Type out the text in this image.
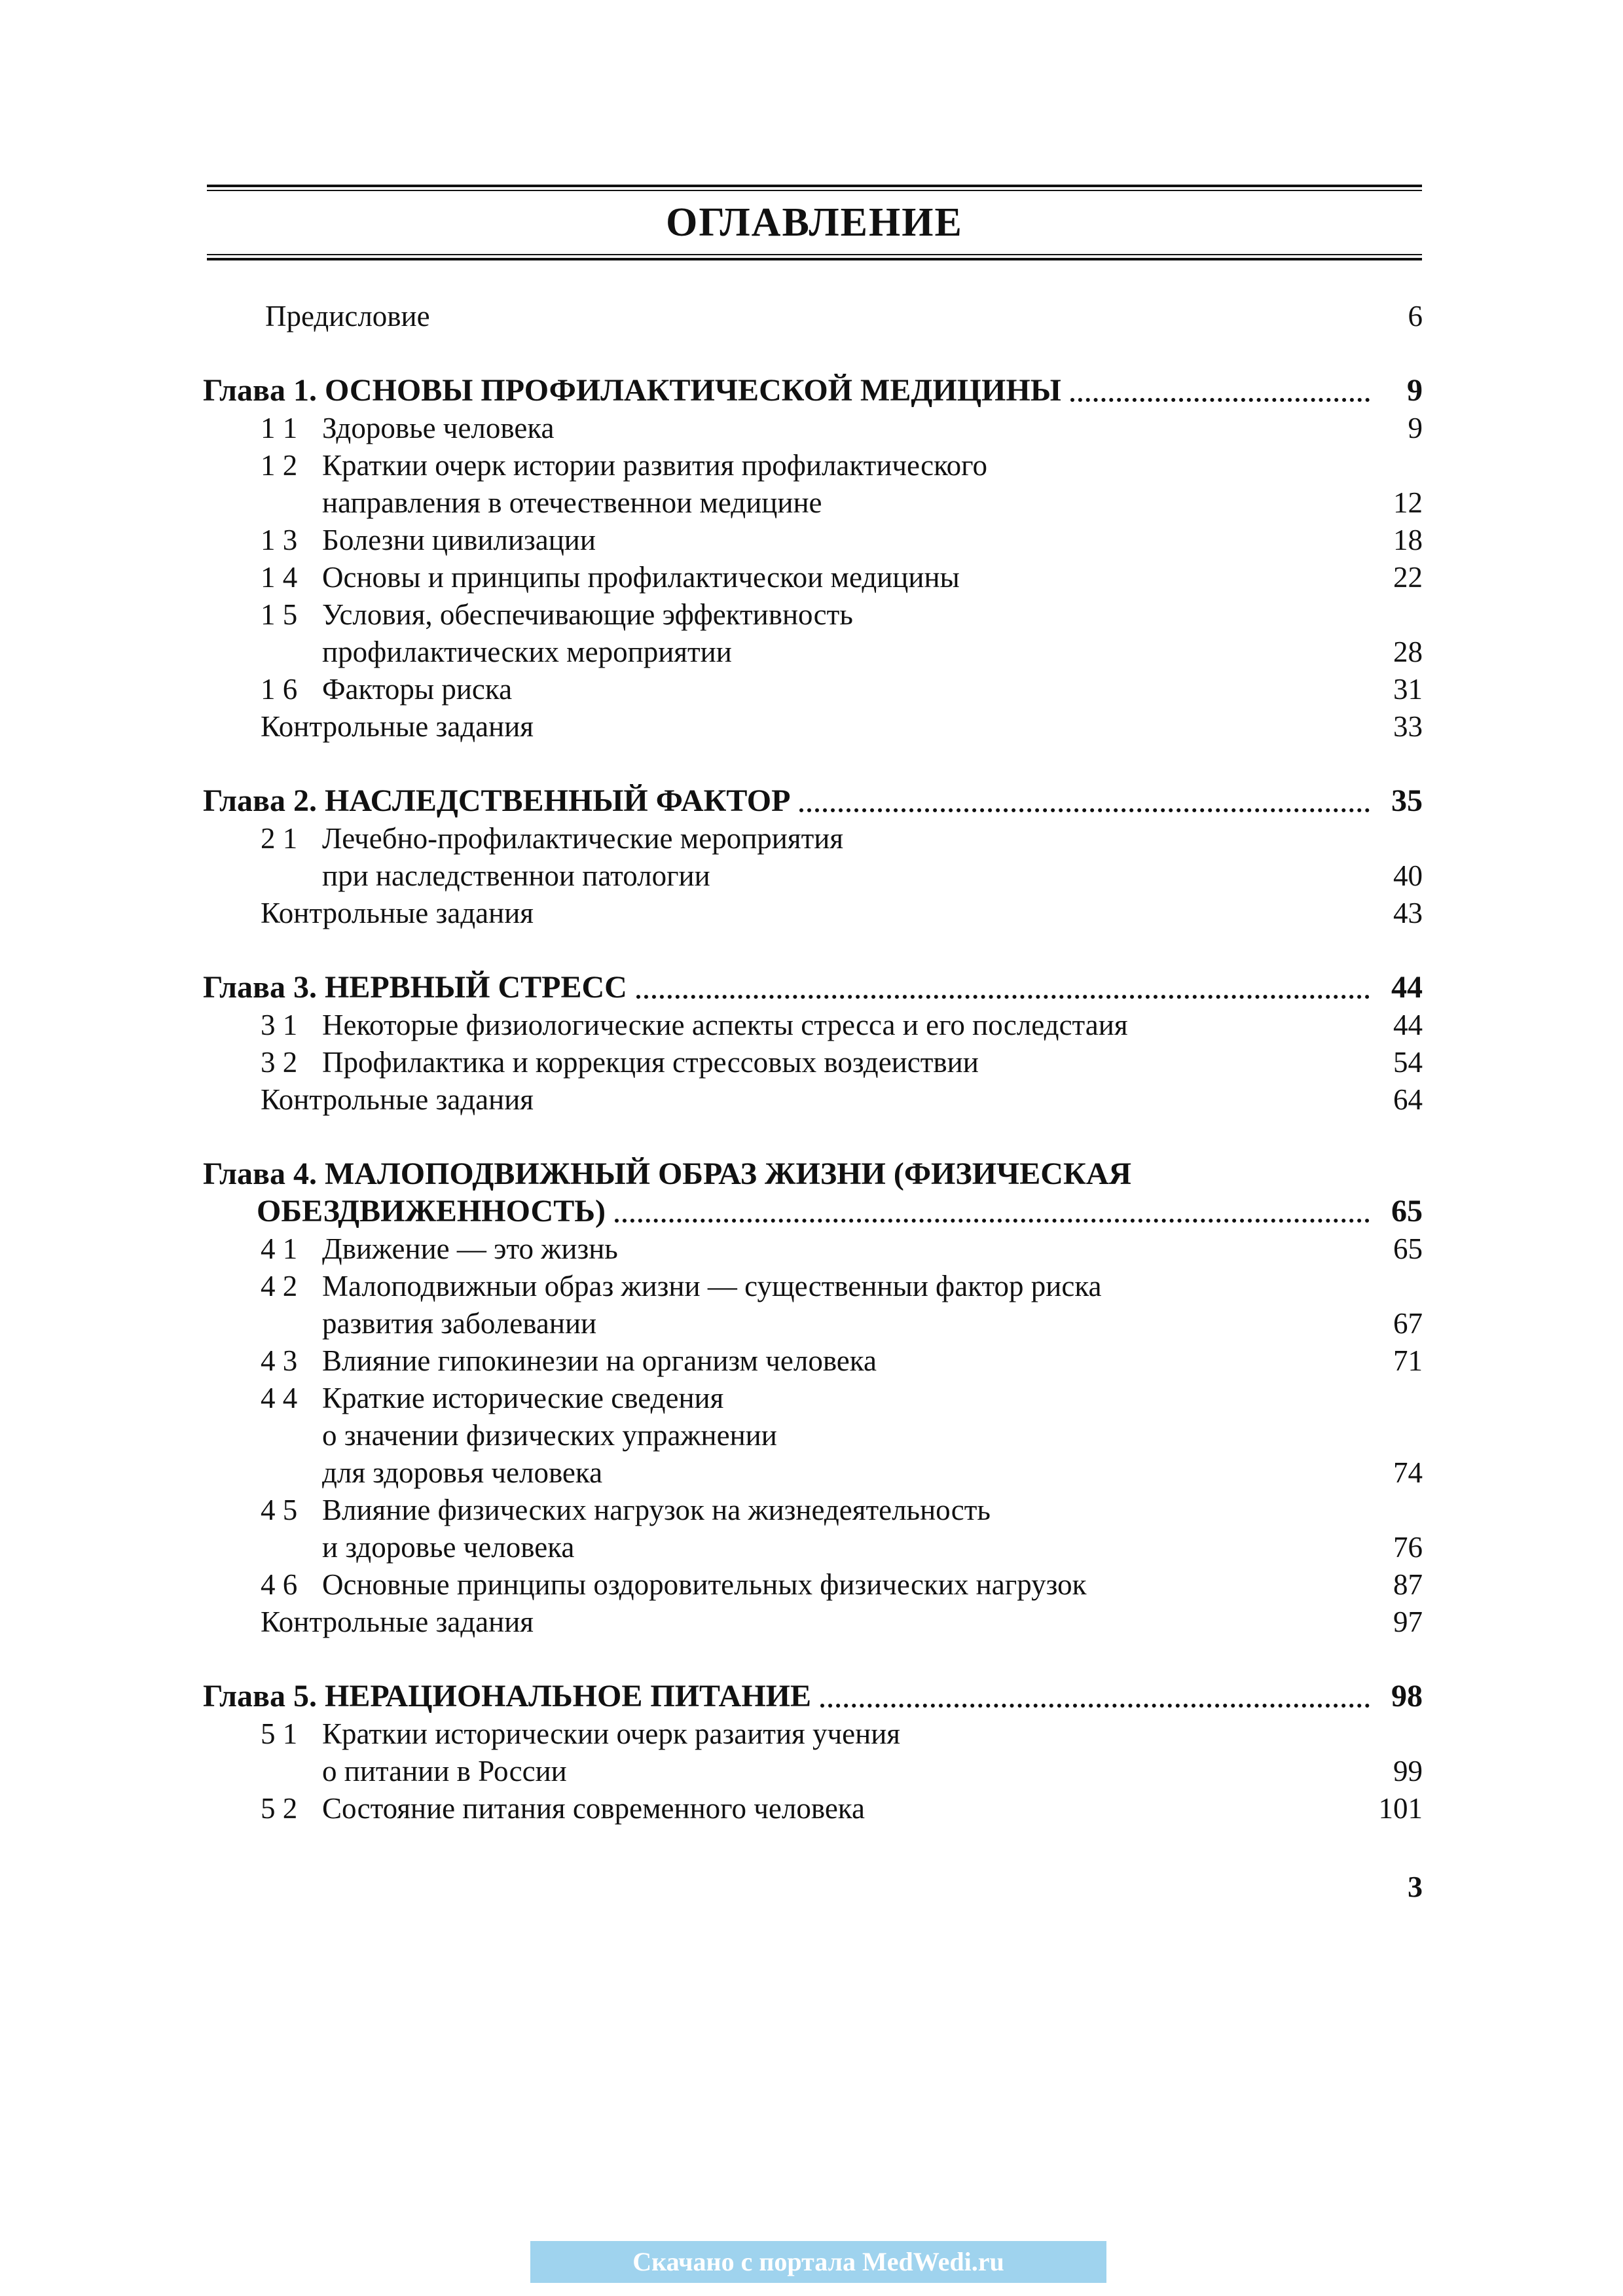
ОГЛАВЛЕНИЕ
Предисловие	6
Глава 1. ОСНОВЫ ПРОФИЛАКТИЧЕСКОЙ МЕДИЦИНЫ	9
1 1 Здоровье человека	9
1 2 Краткии очерк истории развития профилактического
направления в отечественнои медицине	12
1 3 Болезни цивилизации	18
1 4 Основы и принципы профилактическои медицины	22
1 5 Условия, обеспечивающие эффективность
профилактических мероприятии	28
1 6 Факторы риска	31
Контрольные задания	33
Глава 2. НАСЛЕДСТВЕННЫЙ ФАКТОР	35
2 1 Лечебно-профилактические мероприятия
при наследственнои патологии	40
Контрольные задания	43
Глава 3. НЕРВНЫЙ СТРЕСС	44
3 1 Некоторые физиологические аспекты стресса и его последстаия	44
3 2 Профилактика и коррекция стрессовых воздеиствии	54
Контрольные задания	64
Глава 4. МАЛОПОДВИЖНЫЙ ОБРАЗ ЖИЗНИ (ФИЗИЧЕСКАЯ
ОБЕЗДВИЖЕННОСТЬ)	65
4 1 Движение — это жизнь	65
4 2 Малоподвижныи образ жизни — существенныи фактор риска
развития заболевании	67
4 3 Влияние гипокинезии на организм человека	71
4 4 Краткие исторические сведения
о значении физических упражнении
для здоровья человека	74
4 5 Влияние физических нагрузок на жизнедеятельность
и здоровье человека	76
4 6 Основные принципы оздоровительных физических нагрузок	87
Контрольные задания	97
Глава 5. НЕРАЦИОНАЛЬНОЕ ПИТАНИЕ	98
5 1 Краткии историческии очерк разаития учения
о питании в России	99
5 2 Состояние питания современного человека	101
3
Скачано с портала MedWedi.ru
